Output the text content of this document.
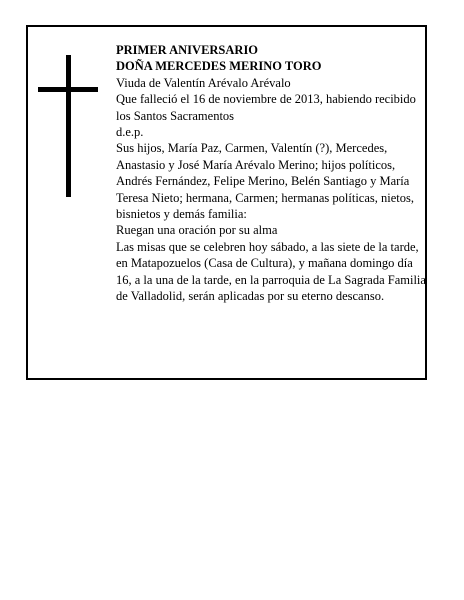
PRIMER ANIVERSARIO

DOÑA MERCEDES MERINO TORO

Viuda de Valentín Arévalo Arévalo

Que falleció el 16 de noviembre de 2013, habiendo recibido los Santos Sacramentos

d.e.p.

Sus hijos, María Paz, Carmen, Valentín (?), Mercedes, Anastasio y José María Arévalo Merino; hijos políticos, Andrés Fernández, Felipe Merino, Belén Santiago y María Teresa Nieto; hermana, Carmen; hermanas políticas, nietos, bisnietos y demás familia:

Ruegan una oración por su alma

Las misas que se celebren hoy sábado, a las siete de la tarde, en Matapozuelos (Casa de Cultura), y mañana domingo día 16, a la una de la tarde, en la parroquia de La Sagrada Familia de Valladolid, serán aplicadas por su eterno descanso.
